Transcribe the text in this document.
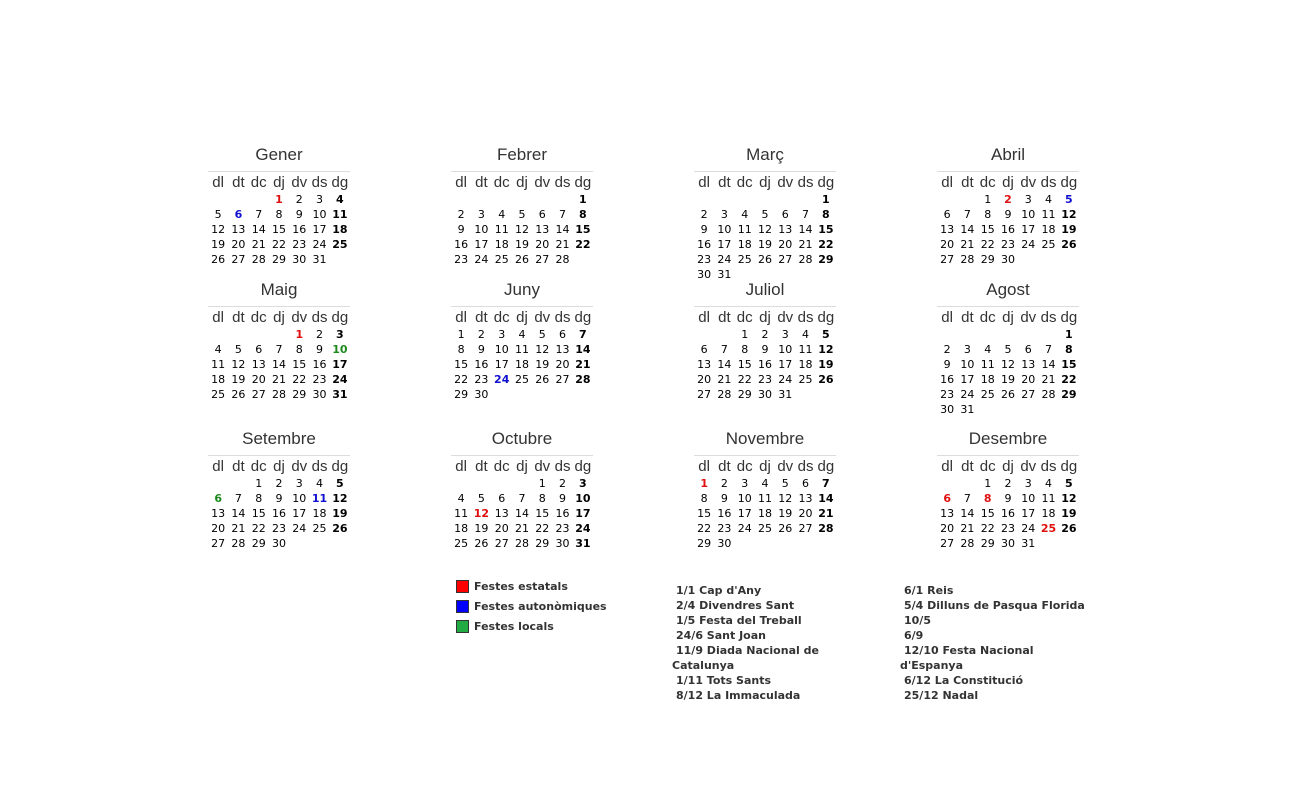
Gener
dl	dt	dc	dj	dv	ds	dg
			1	2	3	4
5	6	7	8	9	10	11
12	13	14	15	16	17	18
19	20	21	22	23	24	25
26	27	28	29	30	31	
Febrer
dl	dt	dc	dj	dv	ds	dg
						1
2	3	4	5	6	7	8
9	10	11	12	13	14	15
16	17	18	19	20	21	22
23	24	25	26	27	28	
Març
dl	dt	dc	dj	dv	ds	dg
						1
2	3	4	5	6	7	8
9	10	11	12	13	14	15
16	17	18	19	20	21	22
23	24	25	26	27	28	29
30	31					
Abril
dl	dt	dc	dj	dv	ds	dg
		1	2	3	4	5
6	7	8	9	10	11	12
13	14	15	16	17	18	19
20	21	22	23	24	25	26
27	28	29	30			
Maig
dl	dt	dc	dj	dv	ds	dg
				1	2	3
4	5	6	7	8	9	10
11	12	13	14	15	16	17
18	19	20	21	22	23	24
25	26	27	28	29	30	31
Juny
dl	dt	dc	dj	dv	ds	dg
1	2	3	4	5	6	7
8	9	10	11	12	13	14
15	16	17	18	19	20	21
22	23	24	25	26	27	28
29	30					
Juliol
dl	dt	dc	dj	dv	ds	dg
		1	2	3	4	5
6	7	8	9	10	11	12
13	14	15	16	17	18	19
20	21	22	23	24	25	26
27	28	29	30	31		
Agost
dl	dt	dc	dj	dv	ds	dg
						1
2	3	4	5	6	7	8
9	10	11	12	13	14	15
16	17	18	19	20	21	22
23	24	25	26	27	28	29
30	31					
Setembre
dl	dt	dc	dj	dv	ds	dg
		1	2	3	4	5
6	7	8	9	10	11	12
13	14	15	16	17	18	19
20	21	22	23	24	25	26
27	28	29	30			
Octubre
dl	dt	dc	dj	dv	ds	dg
				1	2	3
4	5	6	7	8	9	10
11	12	13	14	15	16	17
18	19	20	21	22	23	24
25	26	27	28	29	30	31
Novembre
dl	dt	dc	dj	dv	ds	dg
1	2	3	4	5	6	7
8	9	10	11	12	13	14
15	16	17	18	19	20	21
22	23	24	25	26	27	28
29	30					
Desembre
dl	dt	dc	dj	dv	ds	dg
		1	2	3	4	5
6	7	8	9	10	11	12
13	14	15	16	17	18	19
20	21	22	23	24	25	26
27	28	29	30	31		
Festes estatals
Festes autonòmiques
Festes locals
1/1 Cap d'Any
2/4 Divendres Sant
1/5 Festa del Treball
24/6 Sant Joan
11/9 Diada Nacional de
Catalunya
1/11 Tots Sants
8/12 La Immaculada
6/1 Reis
5/4 Dilluns de Pasqua Florida
10/5
6/9
12/10 Festa Nacional
d'Espanya
6/12 La Constitució
25/12 Nadal
